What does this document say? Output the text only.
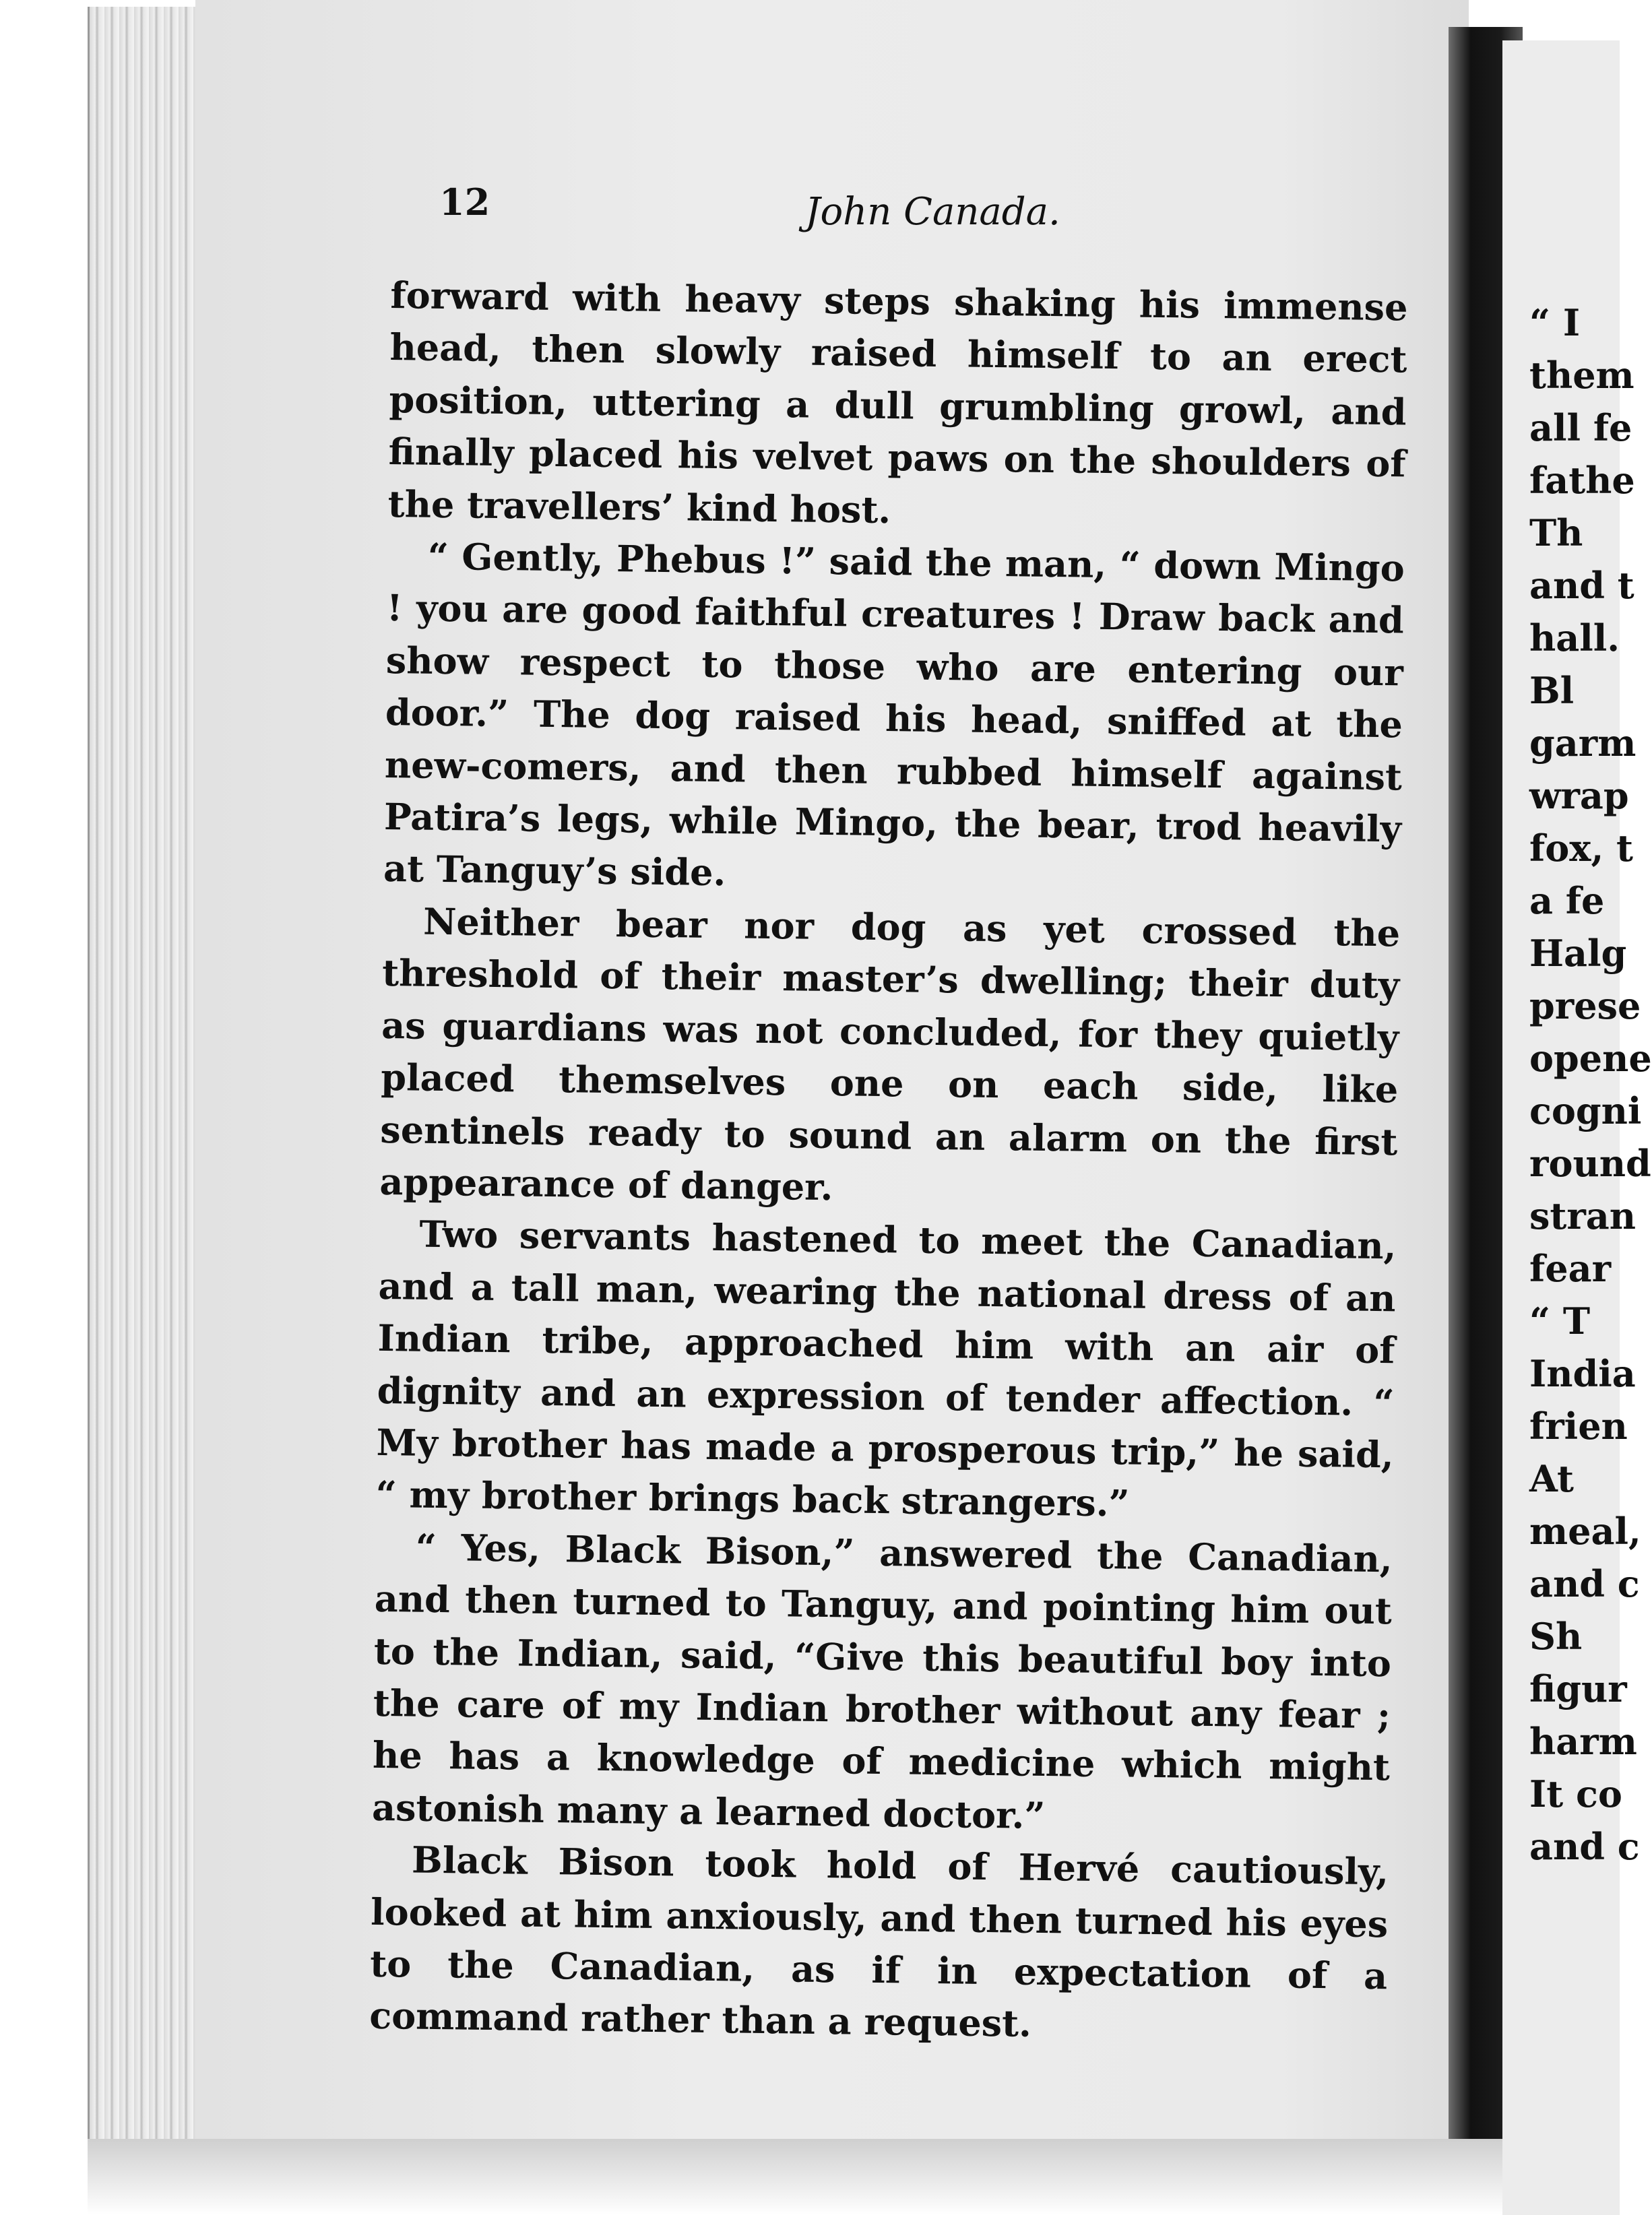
“ I
them
all fe
fathe
Th
and t
hall.
Bl
garm
wrap
fox, t
a fe
Halg
prese
opene
cogni
round
stran
fear
“ T
India
frien
At
meal,
and c
Sh
figur
harm
It co
and c
12	John Canada.

forward with heavy steps shaking his immense head, then slowly raised himself to an erect position, uttering a dull grumbling growl, and finally placed his velvet paws on the shoulders of the travellers’ kind host.

“ Gently, Phebus !” said the man, “ down Mingo ! you are good faithful creatures ! Draw back and show respect to those who are entering our door.” The dog raised his head, sniffed at the new-comers, and then rubbed himself against Patira’s legs, while Mingo, the bear, trod heavily at Tanguy’s side.

Neither bear nor dog as yet crossed the threshold of their master’s dwelling; their duty as guardians was not concluded, for they quietly placed themselves one on each side, like sentinels ready to sound an alarm on the first appearance of danger.

Two servants hastened to meet the Canadian, and a tall man, wearing the national dress of an Indian tribe, approached him with an air of dignity and an expression of tender affection. “ My brother has made a prosperous trip,” he said, “ my brother brings back strangers.”

“ Yes, Black Bison,” answered the Canadian, and then turned to Tanguy, and pointing him out to the Indian, said, “Give this beautiful boy into the care of my Indian brother without any fear ; he has a knowledge of medicine which might astonish many a learned doctor.”

Black Bison took hold of Hervé cautiously, looked at him anxiously, and then turned his eyes to the Canadian, as if in expectation of a command rather than a request.
